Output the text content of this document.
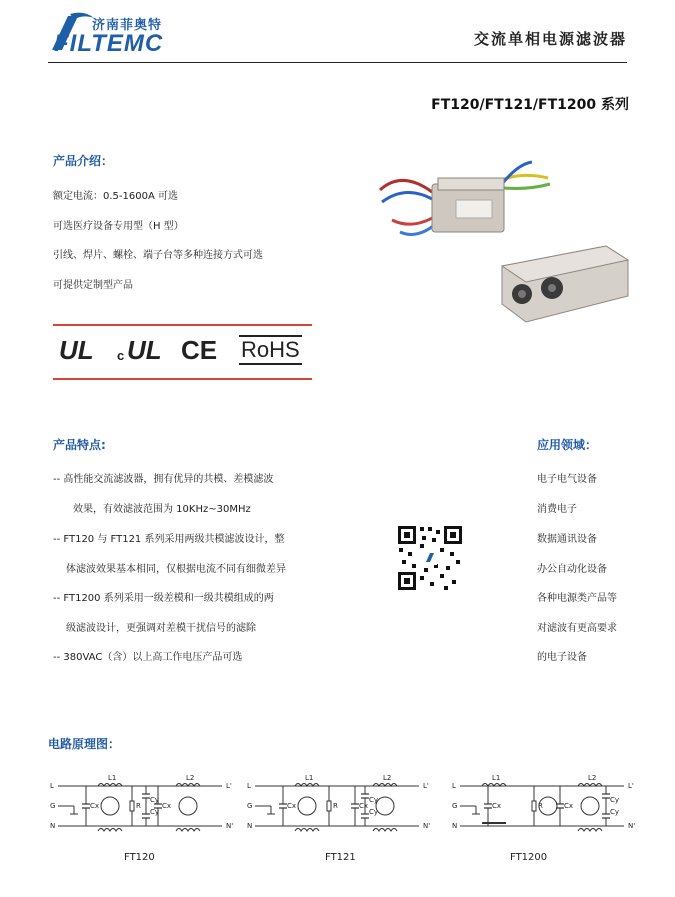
济南菲奥特
FILTEMC	交流单相电源滤波器
FT120/FT121/FT1200 系列
产品介绍：
额定电流：0.5-1600A 可选
可选医疗设备专用型（H 型）
引线、焊片、螺栓、端子台等多种连接方式可选
可提供定制型产品
UL c UL CE RoHS
产品特点:
-- 高性能交流滤波器，拥有优异的共模、差模滤波
效果，有效滤波范围为 10KHz~30MHz
-- FT120 与 FT121 系列采用两级共模滤波设计，整
体滤波效果基本相同，仅根据电流不同有细微差异
-- FT1200 系列采用一级差模和一级共模组成的两
级滤波设计，更强调对差模干扰信号的滤除
-- 380VAC（含）以上高工作电压产品可选
应用领域：
电子电气设备
消费电子
数据通讯设备
办公自动化设备
各种电源类产品等
对滤波有更高要求
的电子设备
电路原理图：
L
G
N
L'
N'
L1	L2
Cx	Cx
R
Cy
Cy
L
G
N
L'
N'
L1	L2
Cx	Cx
R
Cy
Cy
L
G
N
L'
N'
L1	L2
Cx	Cx
R
Cy
Cy
FT120	FT121	FT1200
